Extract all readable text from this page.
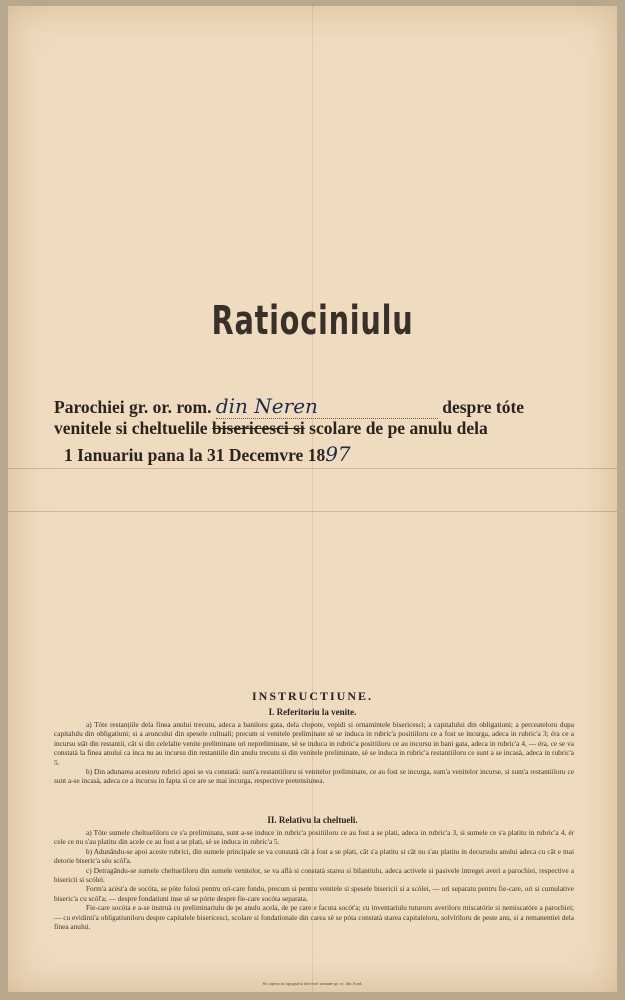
Ratiociniulu
Parochiei gr. or. rom. din Neren	despre tóte
venitele si cheltuelile bisericesci si scolare de pe anulu dela
1 Ianuariu pana la 31 Decemvre 1897
INSTRUCTIUNE.
I. Referitoriu la venite.

a) Tóte restanțiile dela finea anului trecutu, adeca a baniloru gata, dela clopote, vepidi si ornamintele bisericesci; a capitalului din obligatiuni; a perceateloru dupa capitalulu din obligatiuni; si a aruncului din spesele cultuali; precum si venitele preliminate sè se induca in rubric'a positiiloru ce a fost se incurga, adeca in rubric'a 3; éra ce a incursu stât din restantii, cât si din celelalte venite preliminate ori nepreliminate, sè se induca in rubric'a positiiloru ce au incursu in bani gata, adeca in rubric'a 4, — éra, ce se va constatà la finea anului ca inca nu au incursu din restantiile din anulu trecutu si din venitele preliminate, sè se induca in rubric'a restantiiloru ce sunt a se incasà, adeca in rubric'a 5.

b) Din adunarea acestoru rubrici apoi se va constatà: sum'a restantiiloru si venitelor preliminate, ce au fost se incurga, sum'a venitelor incurse, si sum'a restantiiloru ce sunt a-se incasà, adeca ce a incursu in fapta si ce are se mai incurga, respective pretensiunea.

II. Relativu la cheltueli.

a) Tóte sumele cheltueliloru ce s'a preliminatu, sunt a-se induce in rubric'a positiiloru ce au fost a se plati, adeca in rubric'a 3, si sumele ce s'a platitu in rubric'a 4, ér cele ce nu s'au platitu din acele ce au fost a se plati, sè se induca in rubric'a 5.

b) Adunându-se apoi aceste rubrici, din sumele principale se va constatà cât a fost a se plati, cât s'a platitu si cât nu s'au platitu in decursulu anului adeca cu cât e mai detorie biseric'a séu scól'a.

c) Detragându-se sumele cheltueliloru din sumele venitelor, se va aflà si constatà starea si bilantiulu, adeca activele si pasivele intregei averi a parochiei, respective a bisericii si scólei.

Form'a acést'a de socóta, se póte folosi pentru ori-care fondu, precum si pentru venitele si spesele bisericii si a scólei, — ori separatu pentru fie-care, ori si cumulative biseric'a cu scól'a; — despre fondatiuni inse sè se pórte despre fie-care socóta separata.

Fie-care socóta e a-se instruà cu preliminariulu de pe anulu acela, de pe care e facuta socót'a; cu inventariulu tuturoru averiloru miscatórie si nemiscatóre a parochiei; — cu evidinti'a obligatiuniloru despre capitalele bisericesci, scolare si fondationale din carea sè se póta constatà starea capitaleloru, solvíriloru de peste anu, si a remanentiei dela finea anului.

Se capeta in tipografia diecesei romane gr. or. din Arad.
